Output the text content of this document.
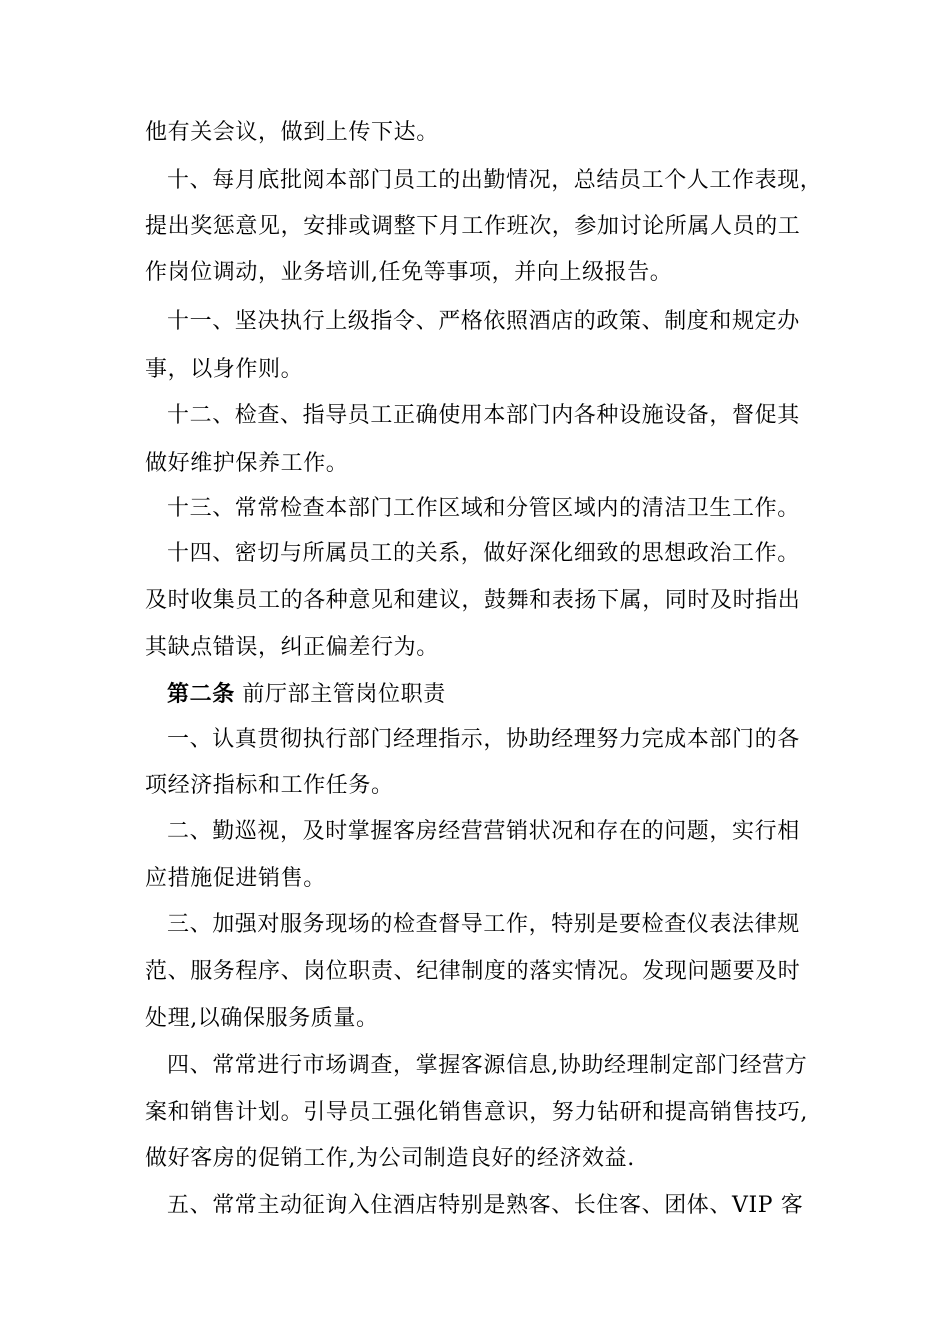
他有关会议，做到上传下达。
十、每月底批阅本部门员工的出勤情况，总结员工个人工作表现，
提出奖惩意见，安排或调整下月工作班次，参加讨论所属人员的工
作岗位调动，业务培训,任免等事项，并向上级报告。
十一、坚决执行上级指令、严格依照酒店的政策、制度和规定办
事，以身作则。
十二、检查、指导员工正确使用本部门内各种设施设备，督促其
做好维护保养工作。
十三、常常检查本部门工作区域和分管区域内的清洁卫生工作。
十四、密切与所属员工的关系，做好深化细致的思想政治工作。
及时收集员工的各种意见和建议，鼓舞和表扬下属，同时及时指出
其缺点错误，纠正偏差行为。
第二条 前厅部主管岗位职责
一、认真贯彻执行部门经理指示，协助经理努力完成本部门的各
项经济指标和工作任务。
二、勤巡视，及时掌握客房经营营销状况和存在的问题，实行相
应措施促进销售。
三、加强对服务现场的检查督导工作，特别是要检查仪表法律规
范、服务程序、岗位职责、纪律制度的落实情况。发现问题要及时
处理,以确保服务质量。
四、常常进行市场调查，掌握客源信息,协助经理制定部门经营方
案和销售计划。引导员工强化销售意识，努力钻研和提高销售技巧,
做好客房的促销工作,为公司制造良好的经济效益.
五、常常主动征询入住酒店特别是熟客、长住客、团体、VIP 客
